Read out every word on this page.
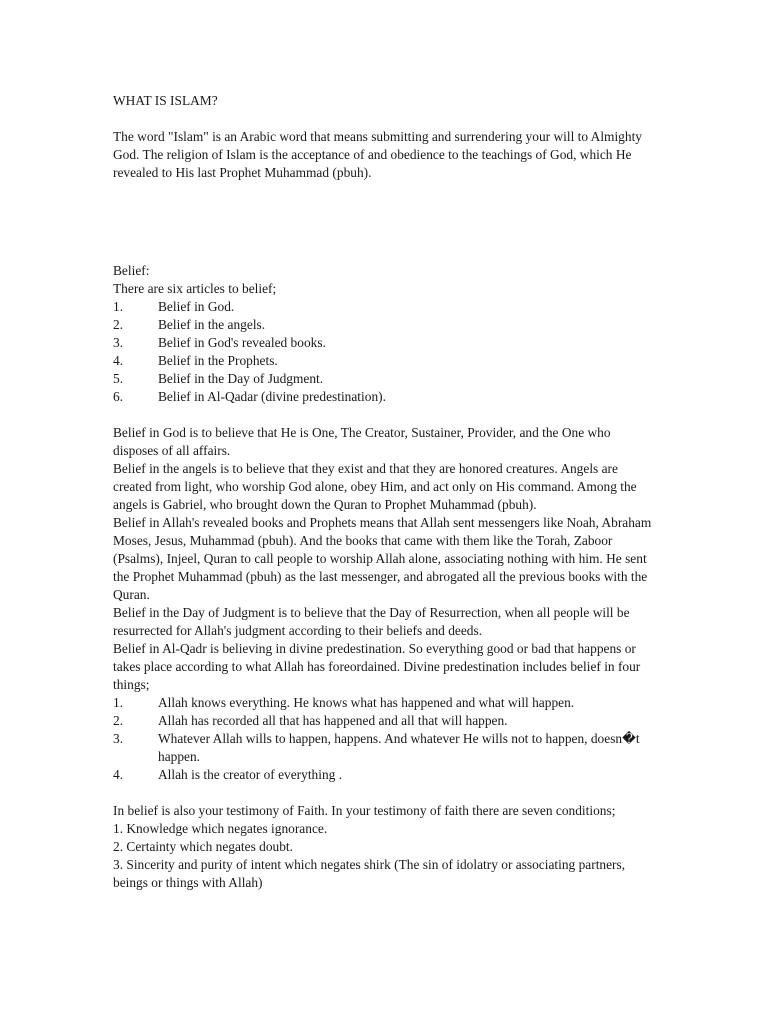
WHAT IS ISLAM?

The word "Islam" is an Arabic word that means submitting and surrendering your will to Almighty God. The religion of Islam is the acceptance of and obedience to the teachings of God, which He revealed to His last Prophet Muhammad (pbuh).

Belief:

There are six articles to belief;

1.	Belief in God.
2.	Belief in the angels.
3.	Belief in God's revealed books.
4.	Belief in the Prophets.
5.	Belief in the Day of Judgment.
6.	Belief in Al-Qadar (divine predestination).

Belief in God is to believe that He is One, The Creator, Sustainer, Provider, and the One who disposes of all affairs.

Belief in the angels is to believe that they exist and that they are honored creatures. Angels are created from light, who worship God alone, obey Him, and act only on His command. Among the angels is Gabriel, who brought down the Quran to Prophet Muhammad (pbuh).

Belief in Allah's revealed books and Prophets means that Allah sent messengers like Noah, Abraham Moses, Jesus, Muhammad (pbuh). And the books that came with them like the Torah, Zaboor (Psalms), Injeel, Quran to call people to worship Allah alone, associating nothing with him. He sent the Prophet Muhammad (pbuh) as the last messenger, and abrogated all the previous books with the Quran.

Belief in the Day of Judgment is to believe that the Day of Resurrection, when all people will be resurrected for Allah's judgment according to their beliefs and deeds.

Belief in Al-Qadr is believing in divine predestination. So everything good or bad that happens or takes place according to what Allah has foreordained. Divine predestination includes belief in four things;

1.	Allah knows everything. He knows what has happened and what will happen.
2.	Allah has recorded all that has happened and all that will happen.
3.	Whatever Allah wills to happen, happens. And whatever He wills not to happen, doesn�t happen.
4.	Allah is the creator of everything .

In belief is also your testimony of Faith. In your testimony of faith there are seven conditions;

1. Knowledge which negates ignorance.

2. Certainty which negates doubt.

3. Sincerity and purity of intent which negates shirk (The sin of idolatry or associating partners, beings or things with Allah)
